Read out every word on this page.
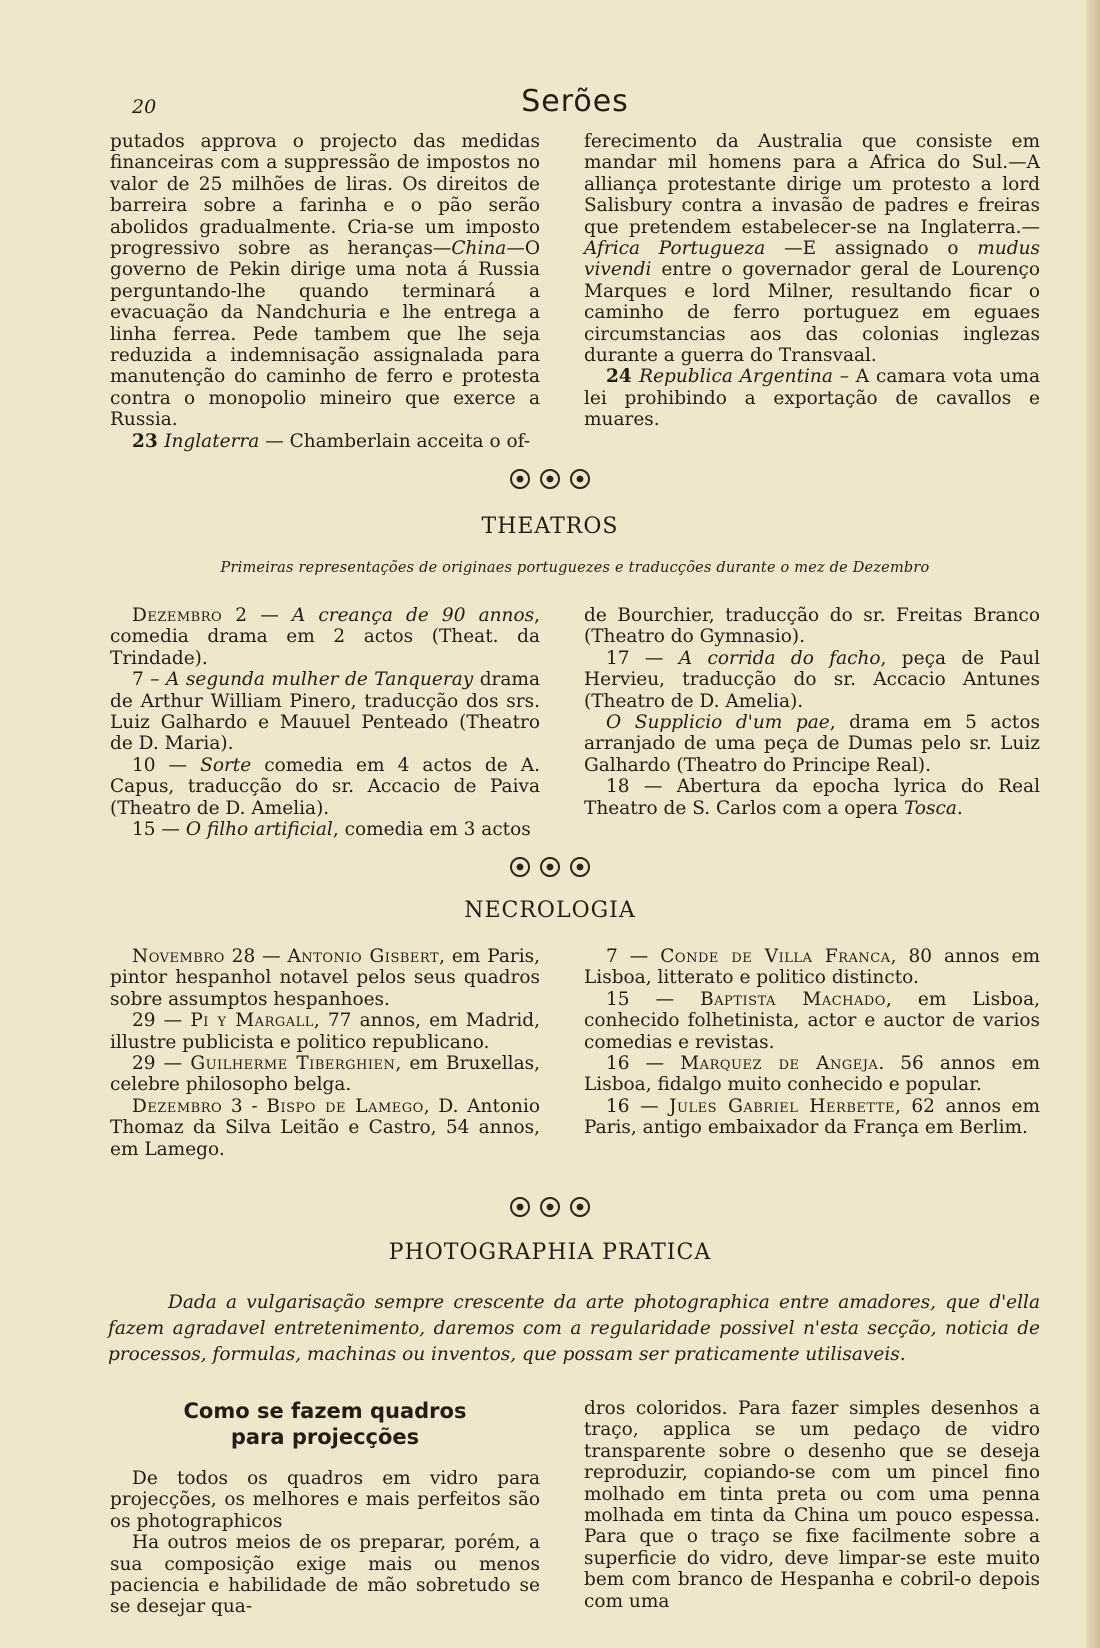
20	Serões

putados approva o projecto das medidas financeiras com a suppressão de impostos no valor de 25 milhões de liras. Os direitos de barreira sobre a farinha e o pão serão abolidos gradualmente. Cria-se um imposto progressivo sobre as heranças—China—O governo de Pekin dirige uma nota á Russia perguntando-lhe quando terminará a evacuação da Nandchuria e lhe entrega a linha ferrea. Pede tambem que lhe seja reduzida a indemnisação assignalada para manutenção do caminho de ferro e protesta contra o monopolio mineiro que exerce a Russia.

23 Inglaterra — Chamberlain acceita o of-

ferecimento da Australia que consiste em mandar mil homens para a Africa do Sul.—A alliança protestante dirige um protesto a lord Salisbury contra a invasão de padres e freiras que pretendem estabelecer-se na Inglaterra.— Africa Portugueza —E assignado o mudus vivendi entre o governador geral de Lourenço Marques e lord Milner, resultando ficar o caminho de ferro portuguez em eguaes circumstancias aos das colonias inglezas durante a guerra do Transvaal.

24 Republica Argentina – A camara vota uma lei prohibindo a exportação de cavallos e muares.

THEATROS
Primeiras representações de originaes portuguezes e traducções durante o mez de Dezembro

Dezembro 2 — A creança de 90 annos, comedia drama em 2 actos (Theat. da Trindade).

7 – A segunda mulher de Tanqueray drama de Arthur William Pinero, traducção dos srs. Luiz Galhardo e Mauuel Penteado (Theatro de D. Maria).

10 — Sorte comedia em 4 actos de A. Capus, traducção do sr. Accacio de Paiva (Theatro de D. Amelia).

15 — O filho artificial, comedia em 3 actos

de Bourchier, traducção do sr. Freitas Branco (Theatro do Gymnasio).

17 — A corrida do facho, peça de Paul Hervieu, traducção do sr. Accacio Antunes (Theatro de D. Amelia).

O Supplicio d'um pae, drama em 5 actos arranjado de uma peça de Dumas pelo sr. Luiz Galhardo (Theatro do Principe Real).

18 — Abertura da epocha lyrica do Real Theatro de S. Carlos com a opera Tosca.

NECROLOGIA

Novembro 28 — Antonio Gisbert, em Paris, pintor hespanhol notavel pelos seus quadros sobre assumptos hespanhoes.

29 — Pi y Margall, 77 annos, em Madrid, illustre publicista e politico republicano.

29 — Guilherme Tiberghien, em Bruxellas, celebre philosopho belga.

Dezembro 3 - Bispo de Lamego, D. Antonio Thomaz da Silva Leitão e Castro, 54 annos, em Lamego.

7 — Conde de Villa Franca, 80 annos em Lisboa, litterato e politico distincto.

15 — Baptista Machado, em Lisboa, conhecido folhetinista, actor e auctor de varios comedias e revistas.

16 — Marquez de Angeja. 56 annos em Lisboa, fidalgo muito conhecido e popular.

16 — Jules Gabriel Herbette, 62 annos em Paris, antigo embaixador da França em Berlim.

PHOTOGRAPHIA PRATICA

Dada a vulgarisação sempre crescente da arte photographica entre amadores, que d'ella fazem agradavel entretenimento, daremos com a regularidade possivel n'esta secção, noticia de processos, formulas, machinas ou inventos, que possam ser praticamente utilisaveis.

Como se fazem quadros
para projecções

De todos os quadros em vidro para projecções, os melhores e mais perfeitos são os photographicos

Ha outros meios de os preparar, porém, a sua composição exige mais ou menos paciencia e habilidade de mão sobretudo se se desejar qua-

dros coloridos. Para fazer simples desenhos a traço, applica se um pedaço de vidro transparente sobre o desenho que se deseja reproduzir, copiando-se com um pincel fino molhado em tinta preta ou com uma penna molhada em tinta da China um pouco espessa. Para que o traço se fixe facilmente sobre a superficie do vidro, deve limpar-se este muito bem com branco de Hespanha e cobril-o depois com uma
